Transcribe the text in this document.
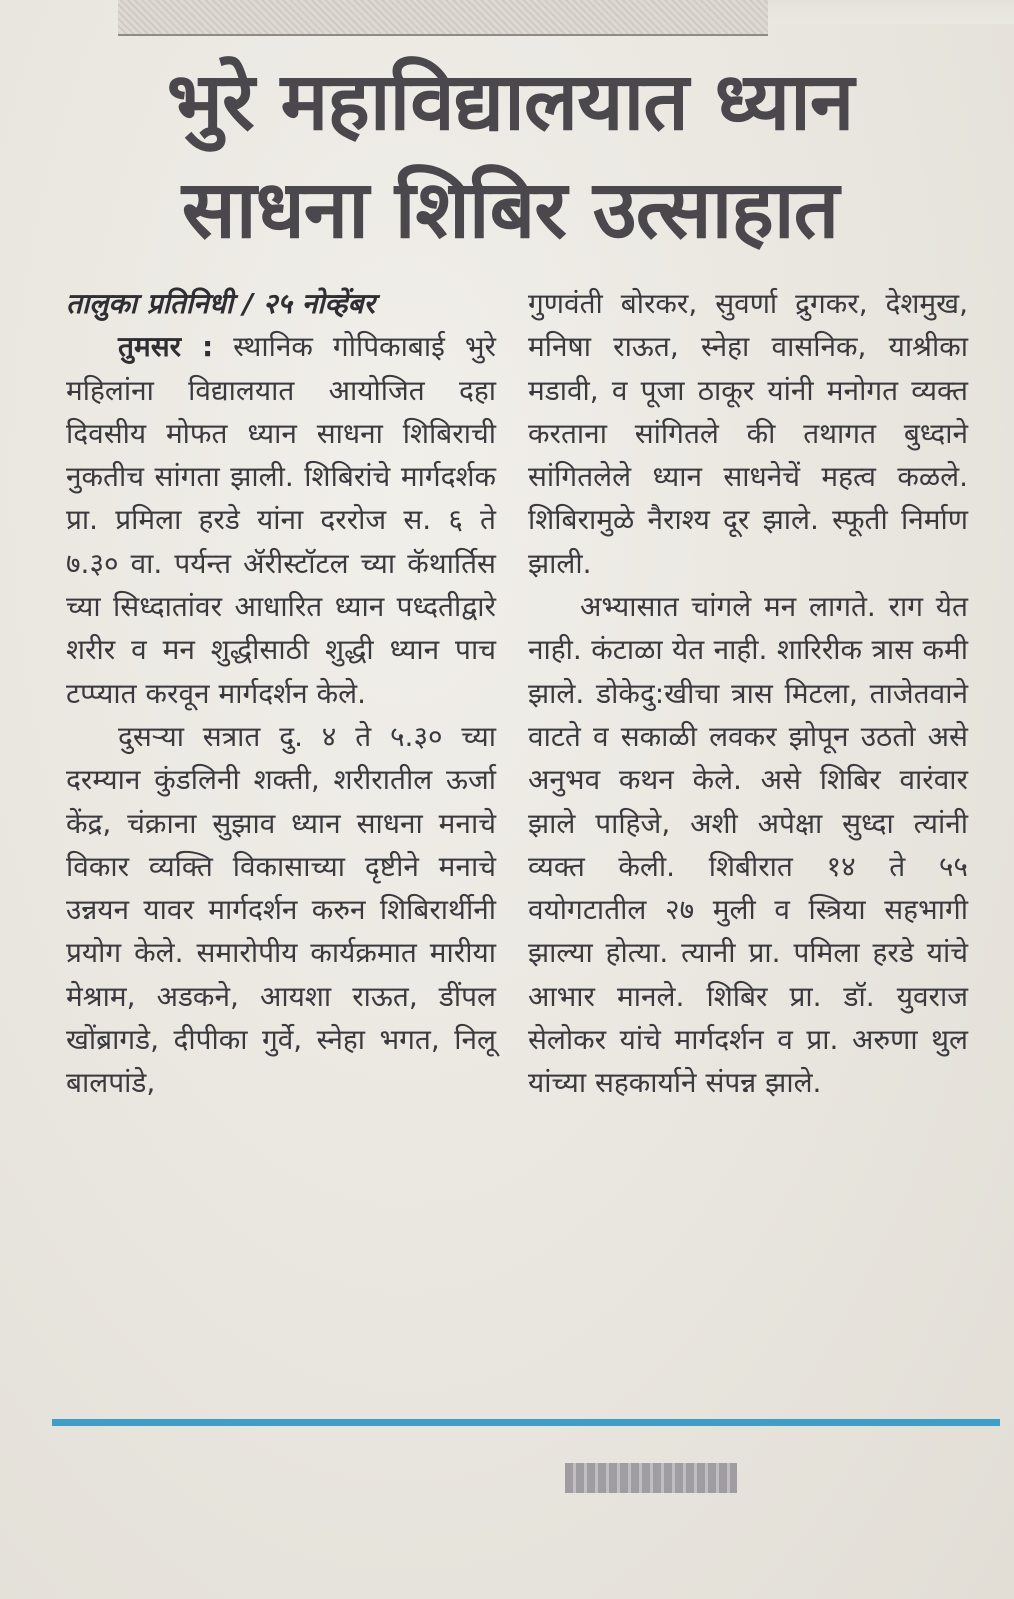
भुरे महाविद्यालयात ध्यान
साधना शिबिर उत्साहात

तालुका प्रतिनिधी / २५ नोव्हेंबर

तुमसर : स्थानिक गोपिकाबाई भुरे महिलांना विद्यालयात आयोजित दहा दिवसीय मोफत ध्यान साधना शिबिराची नुकतीच सांगता झाली. शिबिरांचे मार्गदर्शक प्रा. प्रमिला हरडे यांना दररोज स. ६ ते ७.३० वा. पर्यन्त ॲरीस्टॉटल च्या कॅथार्तिस च्या सिध्दातांवर आधारित ध्यान पध्दतीद्वारे शरीर व मन शुद्धीसाठी शुद्धी ध्यान पाच टप्प्यात करवून मार्गदर्शन केले.

दुसऱ्या सत्रात दु. ४ ते ५.३० च्या दरम्यान कुंडलिनी शक्ती, शरीरातील ऊर्जा केंद्र, चंक्राना सुझाव ध्यान साधना मनाचे विकार व्यक्ति विकासाच्या दृष्टीने मनाचे उन्नयन यावर मार्गदर्शन करुन शिबिरार्थीनी प्रयोग केले. समारोपीय कार्यक्रमात मारीया मेश्राम, अडकने, आयशा राऊत, डींपल खोंब्रागडे, दीपीका गुर्वे, स्नेहा भगत, निलू बालपांडे,

गुणवंती बोरकर, सुवर्णा द्रुगकर, देशमुख, मनिषा राऊत, स्नेहा वासनिक, याश्रीका मडावी, व पूजा ठाकूर यांनी मनोगत व्यक्त करताना सांगितले की तथागत बुध्दाने सांगितलेले ध्यान साधनेचें महत्व कळले. शिबिरामुळे नैराश्य दूर झाले. स्फूती निर्माण झाली.

अभ्यासात चांगले मन लागते. राग येत नाही. कंटाळा येत नाही. शारिरीक त्रास कमी झाले. डोकेदु:खीचा त्रास मिटला, ताजेतवाने वाटते व सकाळी लवकर झोपून उठतो असे अनुभव कथन केले. असे शिबिर वारंवार झाले पाहिजे, अशी अपेक्षा सुध्दा त्यांनी व्यक्त केली. शिबीरात १४ ते ५५ वयोगटातील २७ मुली व स्त्रिया सहभागी झाल्या होत्या. त्यानी प्रा. पमिला हरडे यांचे आभार मानले. शिबिर प्रा. डॉ. युवराज सेलोकर यांचे मार्गदर्शन व प्रा. अरुणा थुल यांच्या सहकार्याने संपन्न झाले.
